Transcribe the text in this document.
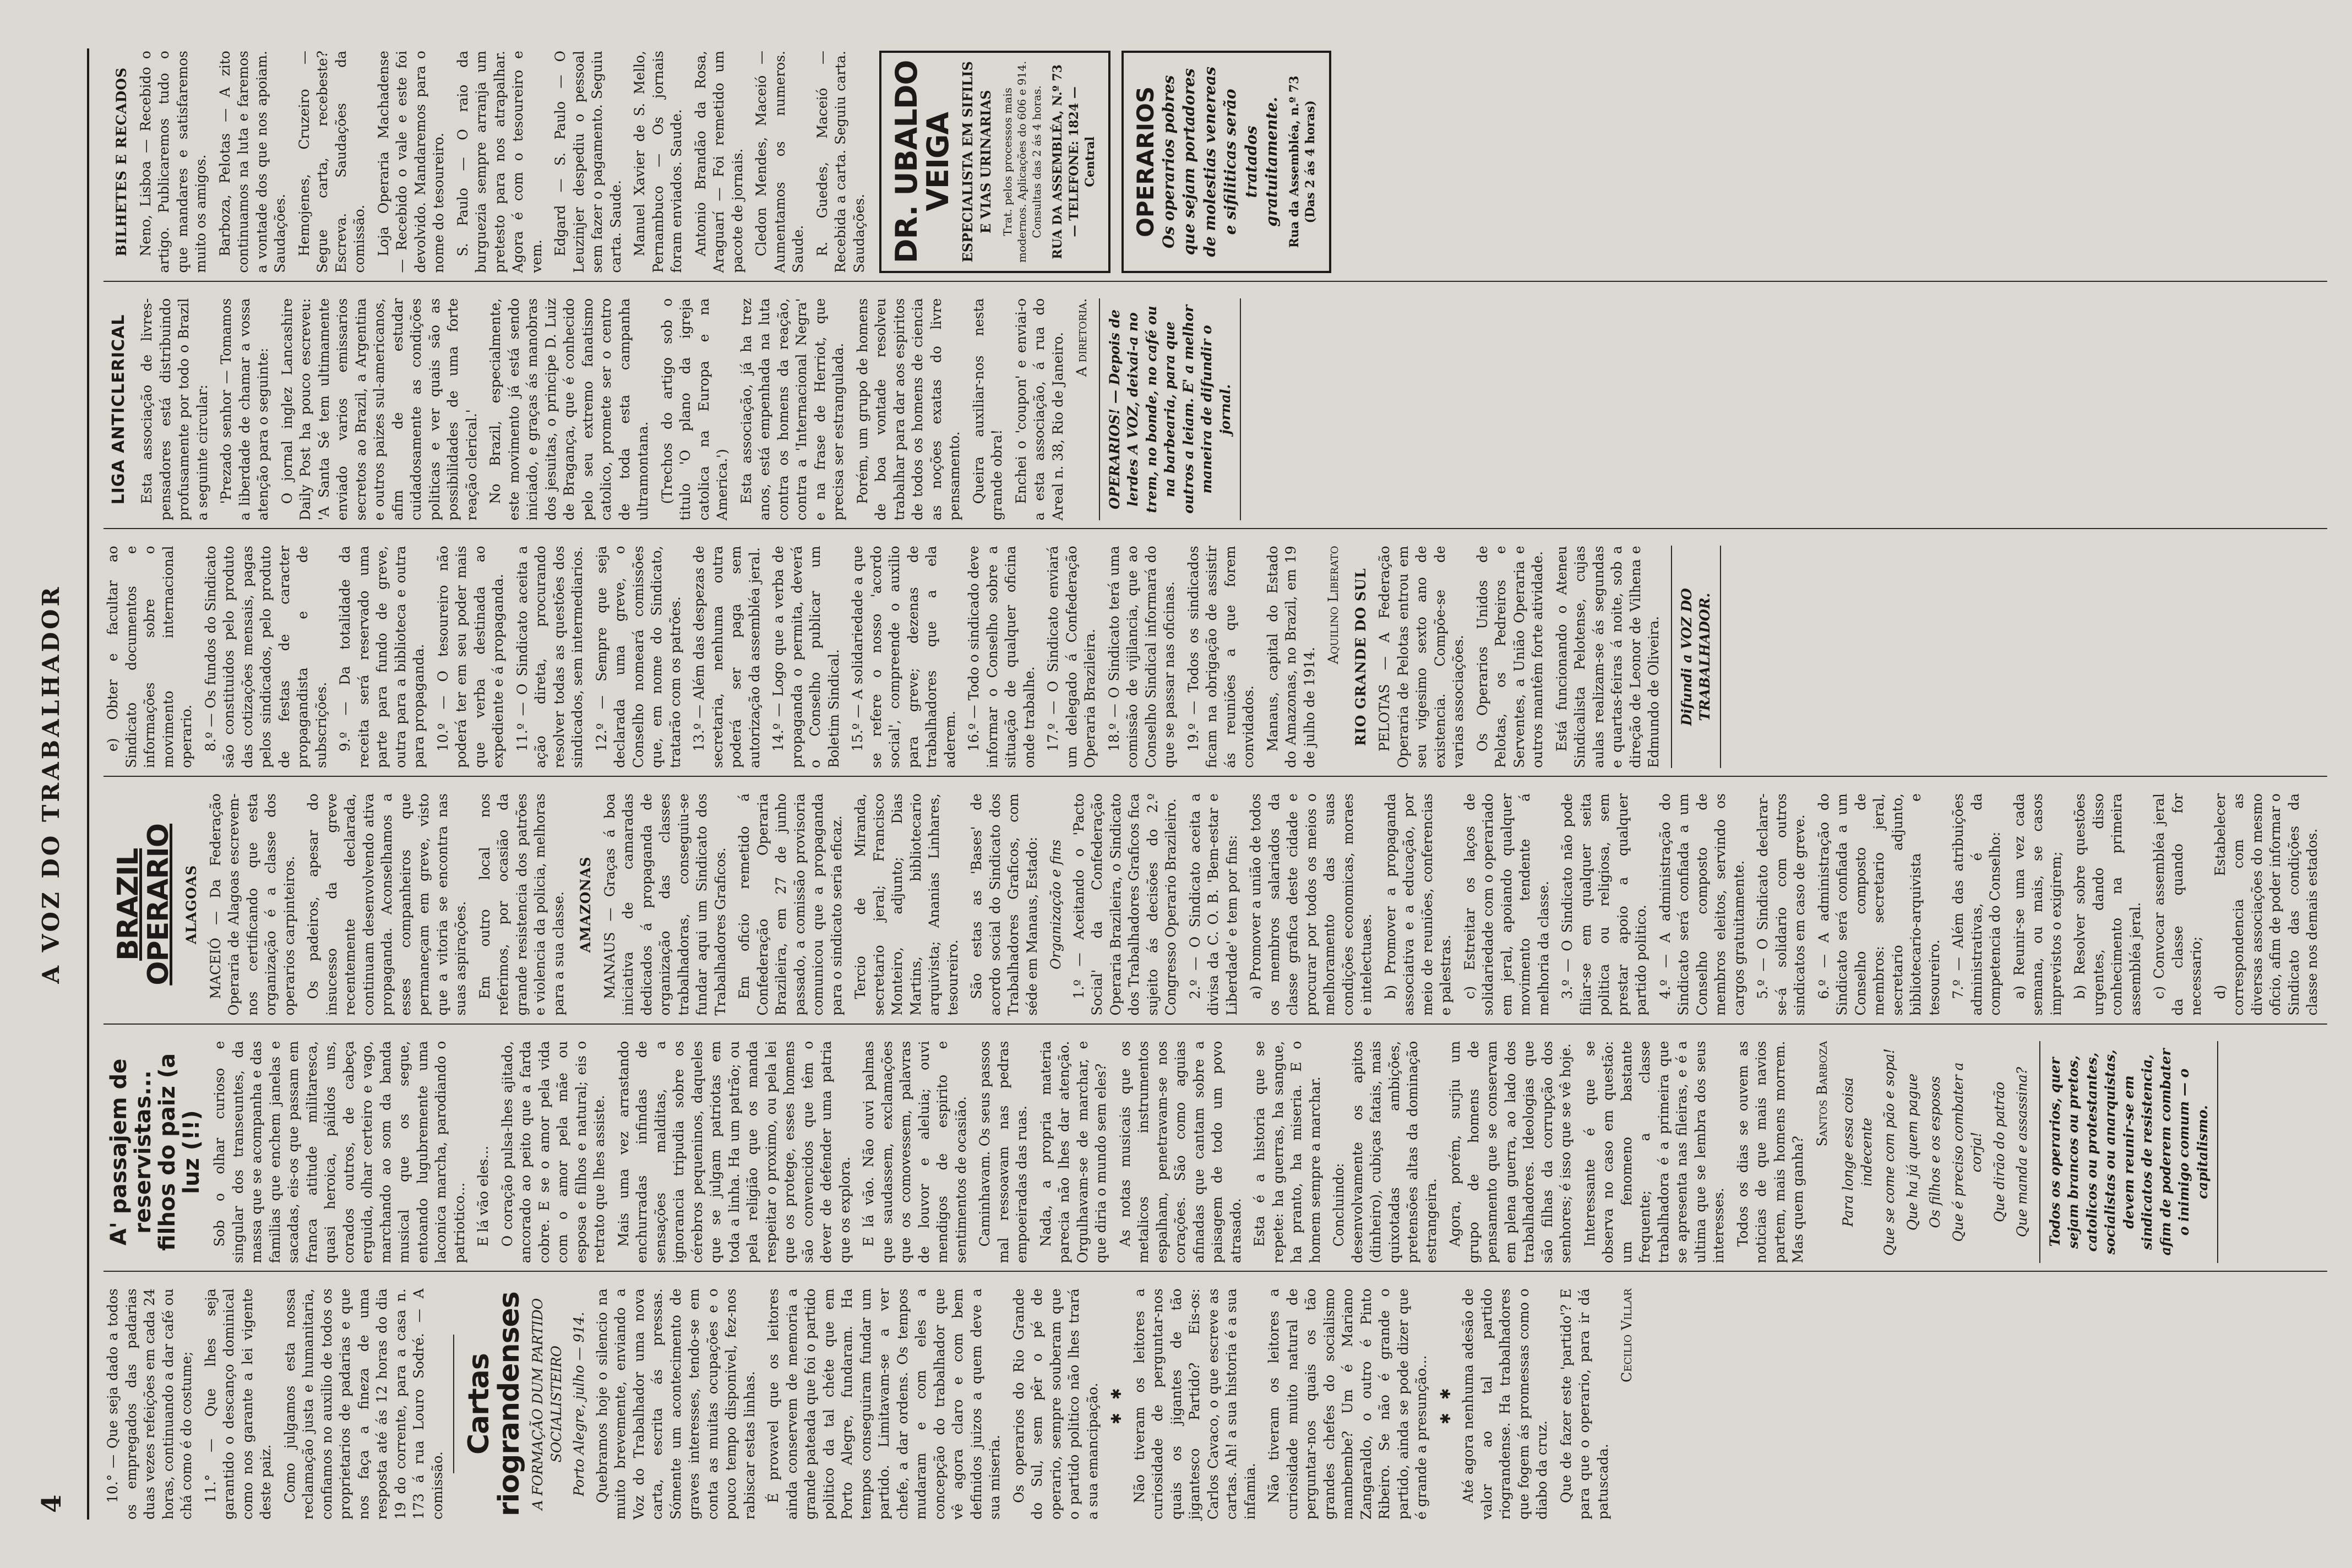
4
A VOZ DO TRABALHADOR

10.° — Que seja dado a todos os empregados das padarias duas vezes refeições em cada 24 horas, continuando a dar café ou chá como é do costume; 11.° — Que lhes seja garantido o descanço dominical como nos garante a lei vigente deste paiz. Como julgamos esta nossa reclamação justa e humanitaria, confiamos no auxilio de todos os proprietarios de padarias e que nos faça a fineza de uma resposta até ás 12 horas do dia 19 do corrente, para a casa n. 173 á rua Louro Sodré. — A comissão.

Cartas riograndenses A FORMAÇÃO DUM PARTIDO SOCIALISTEIRO Porto Alegre, julho — 914. Quebramos hoje o silencio na muito brevemente, enviando a Voz do Trabalhador uma nova carta, escrita ás pressas. Sómente um acontecimento de graves interesses, tendo-se em conta as muitas ocupações e o pouco tempo disponivel, fez-nos rabiscar estas linhas. É provavel que os leitores ainda conservem de memoria a grande pateada que foi o partido politico da tal chéte que em Porto Alegre, fundaram. Ha tempos conseguiram fundar um partido. Limitavam-se a ver chefe, a dar ordens. Os tempos mudaram e com eles a concepção do trabalhador que vê agora claro e com bem definidos juizos a quem deve a sua miseria. Os operarios do Rio Grande do Sul, sem pêr o pé de operario, sempre souberam que o partido politico não lhes trará a sua emancipação. ✱ ✱ Não tiveram os leitores a curiosidade de perguntar-nos quais os jigantes de tão jigantesco Partido? Eis-os: Carlos Cavaco, o que escreve as cartas. Ah! a sua historia é a sua infamia. Não tiveram os leitores a curiosidade muito natural de perguntar-nos quais os tão grandes chefes do socialismo mambembe? Um é Mariano Zangaraldo, o outro é Pinto Ribeiro. Se não é grande o partido, ainda se pode dizer que é grande a presunção... ✱ ✱ Até agora nenhuma adesão de valor ao tal partido riograndense. Ha trabalhadores que fogem ás promessas como o diabo da cruz. Que de fazer este 'partido'? E para que o operario, para ir dá patuscada.

Cecilio Villar
A' passajem de reservistas... filhos do paiz (a luz (!!) Sob o olhar curioso e singular dos transeuntes, da massa que se acompanha e das familias que enchem janelas e sacadas, eis-os que passam em franca atitude militaresca, quasi heroica, pálidos uns, corados outros, de cabeça erguida, olhar certeiro e vago, marchando ao som da banda musical que os segue, entoando lugubremente uma laconica marcha, parodiando o patriotico... E lá vão eles... O coração pulsa-lhes ajitado, ancorado ao peito que a farda cobre. E se o amor pela vida com o amor pela mãe ou esposa e filhos e natural; eis o retrato que lhes assiste. Mais uma vez arrastando enchurradas infindas de sensações malditas, a ignorancia tripudia sobre os cérebros pequeninos, daqueles que se julgam patriotas em toda a linha. Ha um patrão; ou pela religião que os manda respeitar o proximo, ou pela lei que os protege, esses homens são convencidos que têm o dever de defender uma patria que os explora. E lá vão. Não ouvi palmas que saudassem, exclamações que os comovessem, palavras de louvor e aleluia; ouvi mendigos de espirito e sentimentos de ocasião. Caminhavam. Os seus passos mal ressoavam nas pedras empoeiradas das ruas. Nada, a propria materia parecia não lhes dar atenção. Orgulhavam-se de marchar, e que diria o mundo sem eles? As notas musicais que os metalicos instrumentos espalham, penetravam-se nos corações. São como aguias afinadas que cantam sobre a paisagem de todo um povo atrasado. Esta é a historia que se repete: ha guerras, ha sangue, ha pranto, ha miseria. E o homem sempre a marchar. Concluindo: desenvolvamente os apitos (dinheiro), cubiças fatais, mais quixotadas ambições, pretensões altas da dominação estrangeira. Agora, porém, surjiu um grupo de homens de pensamento que se conservam em plena guerra, ao lado dos trabalhadores. Ideologias que são filhas da corrupção dos senhores; é isso que se vê hoje. Interessante é que se observa no caso em questão: um fenomeno bastante frequente; a classe trabalhadora é a primeira que se apresenta nas fileiras, e é a ultima que se lembra dos seus interesses. Todos os dias se ouvem as noticias de que mais navios partem, mais homens morrem. Mas quem ganha?

Santos Barboza Para longe essa coisa indecente Que se come com pão e sopa! Que ha já quem pague Os filhos e os esposos Que é preciso combater a corja! Que dirão do patrão Que manda e assassina?	Todos os operarios, quer sejam brancos ou pretos, catolicos ou protestantes, socialistas ou anarquistas, devem reunir-se em sindicatos de resistencia, afim de poderem combater o inimigo comum — o capitalismo.
BRAZIL OPERARIO ALAGOAS MACEIÓ — Da Federação Operaria de Alagoas escrevem-nos certificando que esta organização é a classe dos operarios carpinteiros. Os padeiros, apesar do insucesso da greve recentemente declarada, continuam desenvolvendo ativa propaganda. Aconselhamos a esses companheiros que permaneçam em greve, visto que a vitoria se encontra nas suas aspirações. Em outro local nos referimos, por ocasião da grande resistencia dos patrões e violencia da policia, melhoras para a sua classe. AMAZONAS MANAUS — Graças á boa iniciativa de camaradas dedicados á propaganda de organização das classes trabalhadoras, conseguiu-se fundar aqui um Sindicato dos Trabalhadores Graficos. Em oficio remetido á Confederação Operaria Brazileira, em 27 de junho passado, a comissão provisoria comunicou que a propaganda para o sindicato seria eficaz. Tercio de Miranda, secretario jeral; Francisco Monteiro, adjunto; Dias Martins, bibliotecario arquivista; Ananias Linhares, tesoureiro. São estas as 'Bases' de acordo social do Sindicato dos Trabalhadores Graficos, com séde em Manaus, Estado: Organização e fins 1.º — Aceitando o 'Pacto Social' da Confederação Operaria Brazileira, o Sindicato dos Trabalhadores Graficos fica sujeito ás decisões do 2.º Congresso Operario Brazileiro. 2.º — O Sindicato aceita a divisa da C. O. B. 'Bem-estar e Liberdade' e tem por fins: a) Promover a união de todos os membros salariados da classe grafica deste cidade e procurar por todos os meios o melhoramento das suas condições economicas, moraes e intelectuaes. b) Promover a propaganda associativa e a educação, por meio de reuniões, conferencias e palestras. c) Estreitar os laços de solidariedade com o operariado em jeral, apoiando qualquer movimento tendente á melhoria da classe. 3.º — O Sindicato não pode filiar-se em qualquer seita politica ou religiosa, sem prestar apoio a qualquer partido politico. 4.º — A administração do Sindicato será confiada a um Conselho composto de membros eleitos, servindo os cargos gratuitamente. 5.º — O Sindicato declarar-se-á solidario com outros sindicatos em caso de greve. 6.º — A administração do Sindicato será confiada a um Conselho composto de membros: secretario jeral, secretario adjunto, bibliotecario-arquivista e tesoureiro. 7.º — Além das atribuições administrativas, é da competencia do Conselho: a) Reunir-se uma vez cada semana, ou mais, se casos imprevistos o exigirem; b) Resolver sobre questões urgentes, dando disso conhecimento na primeira assembléa jeral. c) Convocar assembléa jeral da classe quando for necessario; d) Estabelecer correspondencia com as diversas associações do mesmo oficio, afim de poder informar o Sindicato das condições da classe nos demais estados.

e) Obter e facultar ao Sindicato documentos e informações sobre o movimento internacional operario. 8.º — Os fundos do Sindicato são constituidos pelo produto das cotizações mensais, pagas pelos sindicados, pelo produto de festas de caracter propagandista e de subscrições. 9.º — Da totalidade da receita será reservado uma parte para fundo de greve, outra para a biblioteca e outra para propaganda. 10.º — O tesoureiro não poderá ter em seu poder mais que verba destinada ao expediente e á propaganda. 11.º — O Sindicato aceita a ação direta, procurando resolver todas as questões dos sindicados, sem intermediarios. 12.º — Sempre que seja declarada uma greve, o Conselho nomeará comissões que, em nome do Sindicato, tratarão com os patrões. 13.º — Além das despezas de secretaria, nenhuma outra poderá ser paga sem autorização da assembléa jeral. 14.º — Logo que a verba de propaganda o permita, deverá o Conselho publicar um Boletim Sindical. 15.º — A solidariedade a que se refere o nosso 'acordo social', compreende o auxilio para greve; dezenas de trabalhadores que a ela aderem. 16.º — Todo o sindicado deve informar o Conselho sobre a situação de qualquer oficina onde trabalhe. 17.º — O Sindicato enviará um delegado á Confederação Operaria Brazileira. 18.º — O Sindicato terá uma comissão de vijilancia, que ao Conselho Sindical informará do que se passar nas oficinas. 19.º — Todos os sindicados ficam na obrigação de assistir ás reuniões a que forem convidados. Manaus, capital do Estado do Amazonas, no Brazil, em 19 de julho de 1914.

Aquilino Liberato RIO GRANDE DO SUL PELOTAS — A Federação Operaria de Pelotas entrou em seu vigesimo sexto ano de existencia. Compõe-se de varias associações. Os Operarios Unidos de Pelotas, os Pedreiros e Serventes, a União Operaria e outros mantêm forte atividade. Está funcionando o Ateneu Sindicalista Pelotense, cujas aulas realizam-se ás segundas e quartas-feiras á noite, sob a direção de Leonor de Vilhena e Edmundo de Oliveira.	Difundi a VOZ DO TRABALHADOR.
LIGA ANTICLERICAL Esta associação de livres-pensadores está distribuindo profusamente por todo o Brazil a seguinte circular: 'Prezado senhor — Tomamos a liberdade de chamar a vossa atenção para o seguinte: O jornal inglez Lancashire Daily Post ha pouco escreveu: 'A Santa Sé tem ultimamente enviado varios emissarios secretos ao Brazil, a Argentina e outros paizes sul-americanos, afim de estudar cuidadosamente as condições politicas e ver quais são as possibilidades de uma forte reação clerical.' No Brazil, especialmente, este movimento já está sendo iniciado, e graças ás manobras dos jesuitas, o principe D. Luiz de Bragança, que é conhecido pelo seu extremo fanatismo catolico, promete ser o centro de toda esta campanha ultramontana. (Trechos do artigo sob o titulo 'O plano da igreja catolica na Europa e na America.') Esta associação, já ha trez anos, está empenhada na luta contra os homens da reação, contra a 'Internacional Negra' e na frase de Herriot, que precisa ser estrangulada. Porém, um grupo de homens de boa vontade resolveu trabalhar para dar aos espiritos de todos os homens de ciencia as noções exatas do livre pensamento. Queira auxiliar-nos nesta grande obra! Enchei o 'coupon' e enviai-o a esta associação, á rua do Areal n. 38, Rio de Janeiro. A diretoria.	OPERARIOS! — Depois de lerdes A VOZ, deixai-a no trem, no bonde, no café ou na barbearia, para que outros a leiam. E' a melhor maneira de difundir o jornal.
BILHETES E RECADOS Neno, Lisboa — Recebido o artigo. Publicaremos tudo o que mandares e satisfaremos muito os amigos. Barboza, Pelotas — A zito continuamos na luta e faremos a vontade dos que nos apoiam. Saudações. Hemojenes, Cruzeiro — Segue carta, recebeste? Escreva. Saudações da comissão. Loja Operaria Machadense — Recebido o vale e este foi devolvido. Mandaremos para o nome do tesoureiro. S. Paulo — O raio da burguezia sempre arranja um pretesto para nos atrapalhar. Agora é com o tesoureiro e vem. Edgard — S. Paulo — O Leuzinjer despediu o pessoal sem fazer o pagamento. Seguiu carta. Saude. Manuel Xavier de S. Mello, Pernambuco — Os jornais foram enviados. Saude. Antonio Brandão da Rosa, Araguarí — Foi remetido um pacote de jornais. Cledon Mendes, Maceió — Aumentamos os numeros. Saude. R. Guedes, Maceió — Recebida a carta. Seguiu carta. Saudações. DR. UBALDO VEIGA ESPECIALISTA EM SIFILIS E VIAS URINARIAS Trat. pelos processos mais modernos. Aplicações do 606 e 914. Consultas das 2 ás 4 horas. RUA DA ASSEMBLÉA, N.º 73 — TELEFONE: 1824 — Central OPERARIOS Os operarios pobres que sejam portadores de molestias venereas e sifiliticas serão tratados gratuitamente. Rua da Assembléa, n.º 73 (Das 2 ás 4 horas)
